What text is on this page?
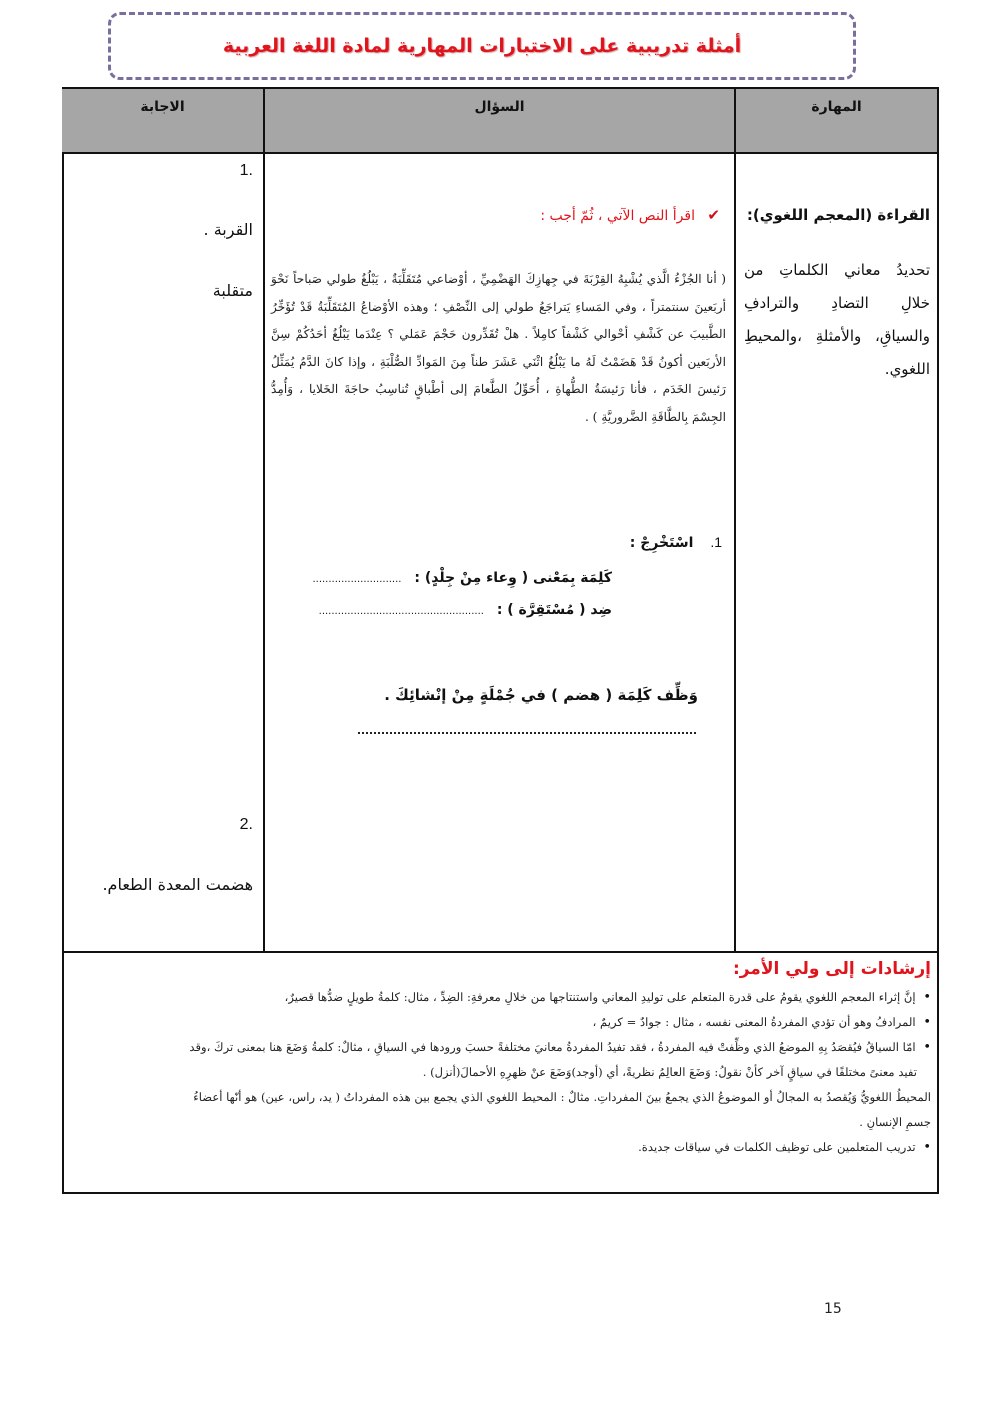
أمثلة تدريبية على الاختبارات المهارية لمادة اللغة العربية
المهارة
السؤال
الاجابة
القراءة (المعجم اللغوي):
تحديدُ معاني الكلماتِ من خلالِ التضادِ والترادفِ والسياقِ، والأمثلةِ ،والمحيطِ اللغوي.
✔ اقرأ النص الآتي ، ثُمّ أجب :
( أنا الجُزْءُ الَّذي يُشْبِهُ القِرْبَةَ في جِهازِكَ الهَضْمِيِّ ، أوْضاعي مُتَقَلِّبَةٌ ، يَبْلُغُ طولي صَباحاً نَحْوَ أربَعينَ سنتمتراً ، وفي المَساءِ يَتراجَعُ طولي إلى النِّصْفِ ؛ وهذه الأوْضاعُ المُتَقَلِّبَةُ قَدْ تُؤَخِّرُ الطَّبيبَ عن كَشْفِ أحْوالي كَشْفاً كامِلاً . هلْ تُقَدِّرون حَجْمَ عَمَلي ؟ عِنْدَما يَبْلُغُ أحَدُكُمْ سِنَّ الأربَعين أكونُ قَدْ هَضَمْتُ لَهُ ما يَبْلُغُ اثْنَي عَشَرَ طناً مِنَ المَوادِّ الصُّلْبَةِ ، وإذا كانَ الدَّمُ يُمَثِّلُ رَئيسَ الخَدَم ، فأنا رَئيسَةُ الطُّهاةِ ، أُحَوِّلُ الطَّعامَ إلى أطْباقٍ تُناسِبُ حاجَةَ الخَلايا ، وَأُمِدُّ الجِسْمَ بِالطَّاقَةِ الضَّروريَّةِ ) .
1. اسْتَخْرِجْ :
كَلِمَة بِمَعْنى ( وِعاء مِنْ جِلْدٍ) : ............................
ضِد ( مُسْتَقِرَّة ) : ....................................................
وَظِّف كَلِمَة ( هضم ) في جُمْلَةٍ مِنْ إنْشائِكَ .
.1
القربة .
متقلبة
.2
هضمت المعدة الطعام.
إرشادات إلى ولي الأمر:
• إنَّ إثراء المعجم اللغوي يقومُ على قدرة المتعلم على توليدِ المعاني واستنتاجها من خلالِ معرفةِ: الضِدِّ ، مثال: كلمةُ طويلٍ ضدُّها قصيرٌ،
• المرادفُ وهو أن تؤدي المفردةُ المعنى نفسه ، مثال : جوادٌ = كريمٌ ،
• امّا السياقُ فيُقصَدُ بِهِ الموضعُ الذي وظِّفتْ فيه المفردةُ ، فقد تفيدُ المفردةُ معانيَ مختلفةً حسبَ ورودها في السياقِ ، مثالٌ: كلمةُ وَضَعَ هنا بمعنى تركَ ،وقد
تفيد معنىً مختلفًا في سياقٍ آخر كأنْ نقولُ: وَضَعَ العالِمُ نظريةً، أي (أوجد)وَضَعَ عنْ ظهرِهِ الأحمالَ(أنزل) .
المحيطُ اللغويُّ وَيُقصدُ به المجالُ أو الموضوعُ الذي يجمعُ بينَ المفرداتِ. مثالٌ : المحيط اللغوي الذي يجمع بين هذه المفرداتُ ( يد، راس، عين) هو أنّها أعضاءُ
جسمِ الإنسانِ .
• تدريب المتعلمين على توظيف الكلمات في سياقات جديدة.
15
